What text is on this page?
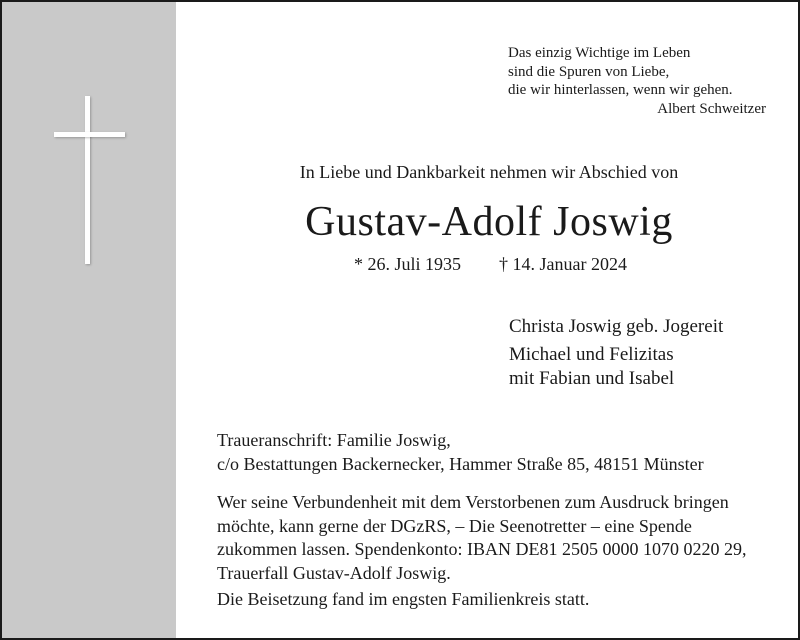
Das einzig Wichtige im Leben
sind die Spuren von Liebe,
die wir hinterlassen, wenn wir gehen.
Albert Schweitzer
In Liebe und Dankbarkeit nehmen wir Abschied von
Gustav-Adolf Joswig
* 26. Juli 1935 † 14. Januar 2024
Christa Joswig geb. Jogereit
Michael und Felizitas
mit Fabian und Isabel
Traueranschrift: Familie Joswig,
c/o Bestattungen Backernecker, Hammer Straße 85, 48151 Münster
Wer seine Verbundenheit mit dem Verstorbenen zum Ausdruck bringen
möchte, kann gerne der DGzRS, – Die Seenotretter – eine Spende
zukommen lassen. Spendenkonto: IBAN DE81 2505 0000 1070 0220 29,
Trauerfall Gustav-Adolf Joswig.
Die Beisetzung fand im engsten Familienkreis statt.
